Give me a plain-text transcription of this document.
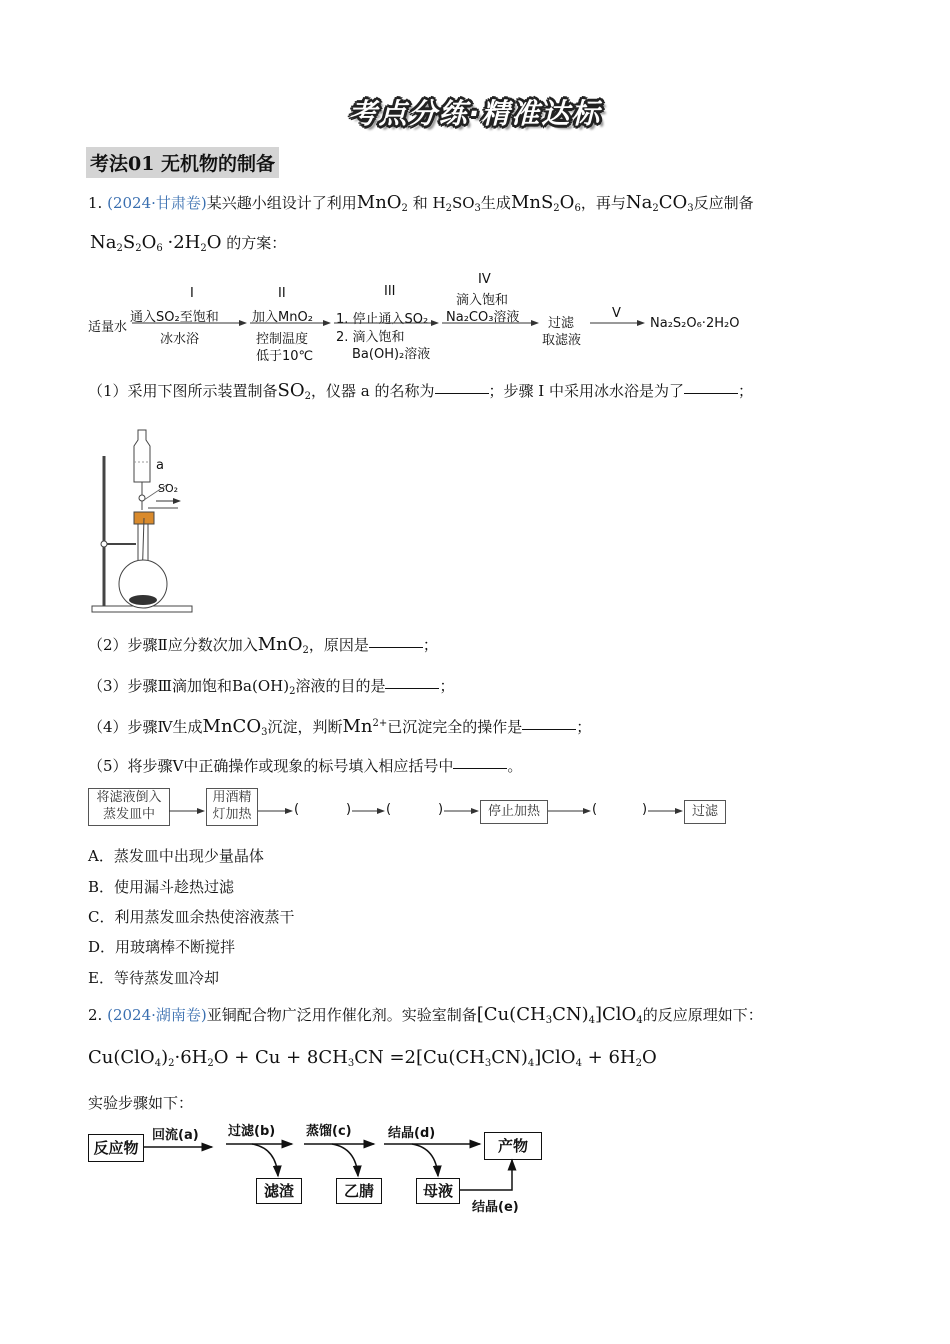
考点分练·精准达标
考法01 无机物的制备
1. (2024·甘肃卷)某兴趣小组设计了利用MnO$_2$ 和 $H_2SO_3$生成$MnS_2O_6$，再与$Na_2CO_3$反应制备
$Na_2S_2O_6 \cdot 2H_2O$ 的方案：
适量水
I
通入SO₂至饱和
冰水浴
II
加入MnO₂
控制温度
低于10℃
III
1. 停止通入SO₂
2. 滴入饱和
Ba(OH)₂溶液
IV
滴入饱和
Na₂CO₃溶液 过滤
取滤液
V
Na₂S₂O₆·2H₂O
（1）采用下图所示装置制备$SO_2$，仪器 a 的名称为	；步骤 I 中采用冰水浴是为了	；
a
SO₂
（2）步骤Ⅱ应分数次加入MnO$_2$，原因是	；
（3）步骤Ⅲ滴加饱和$Ba(OH)_2$溶液的目的是	；
（4）步骤Ⅳ生成MnCO$_3$沉淀，判断$Mn^{2+}$已沉淀完全的操作是	；
（5）将步骤Ⅴ中正确操作或现象的标号填入相应括号中	。
将滤液倒入
蒸发皿中
用酒精
灯加热	(	)	(	)	停止加热	(	)	过滤
A．蒸发皿中出现少量晶体
B．使用漏斗趁热过滤
C．利用蒸发皿余热使溶液蒸干
D．用玻璃棒不断搅拌
E．等待蒸发皿冷却
2. (2024·湖南卷)亚铜配合物广泛用作催化剂。实验室制备$[Cu(CH_3CN)_4]ClO_4$的反应原理如下：
$Cu(ClO_4)_2\cdot 6H_2O + Cu + 8CH_3CN =2[Cu(CH_3CN)_4]ClO_4 + 6H_2O$
实验步骤如下：
反应物	产物
滤渣	乙腈	母液
回流(a) 过滤(b) 蒸馏(c)	结晶(d)
结晶(e)
